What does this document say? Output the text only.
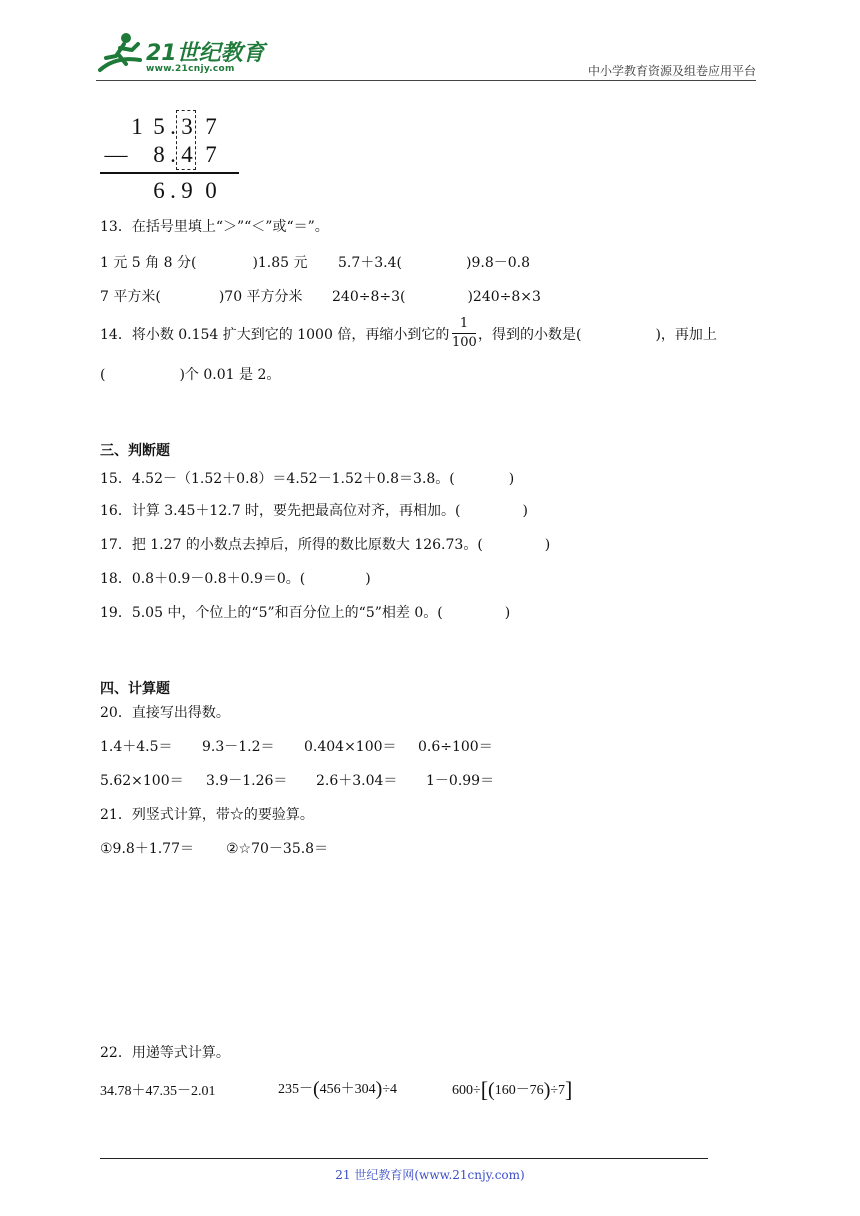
21世纪教育
www.21cnjy.com	中小学教育资源及组卷应用平台
1 5 . 3 7
— 8 . 4 7
6 . 9 0
13．在括号里填上“＞”“＜”或“＝”。
1 元 5 角 8 分(	)1.85 元 5.7＋3.4(	)9.8－0.8
7 平方米(	)70 平方分米 240÷8÷3(	)240÷8×3
14．将小数 0.154 扩大到它的 1000 倍，再缩小到它的
1
100 ，得到的小数是(	)，再加上
(	)个 0.01 是 2。
三、判断题
15．4.52－（1.52＋0.8）＝4.52－1.52＋0.8＝3.8。(	)
16．计算 3.45＋12.7 时，要先把最高位对齐，再相加。(	)
17．把 1.27 的小数点去掉后，所得的数比原数大 126.73。(	)
18．0.8＋0.9－0.8＋0.9＝0。(	)
19．5.05 中，个位上的“5”和百分位上的“5”相差 0。(	)
四、计算题
20．直接写出得数。
1.4＋4.5＝ 9.3－1.2＝ 0.404×100＝ 0.6÷100＝
5.62×100＝ 3.9－1.26＝ 2.6＋3.04＝ 1－0.99＝
21．列竖式计算，带☆的要验算。
①9.8＋1.77＝ ②☆70－35.8＝
22．用递等式计算。
34.78＋47.35－2.01	235－(456＋304)÷4	600÷[(160－76)÷7]
21 世纪教育网(www.21cnjy.com)
